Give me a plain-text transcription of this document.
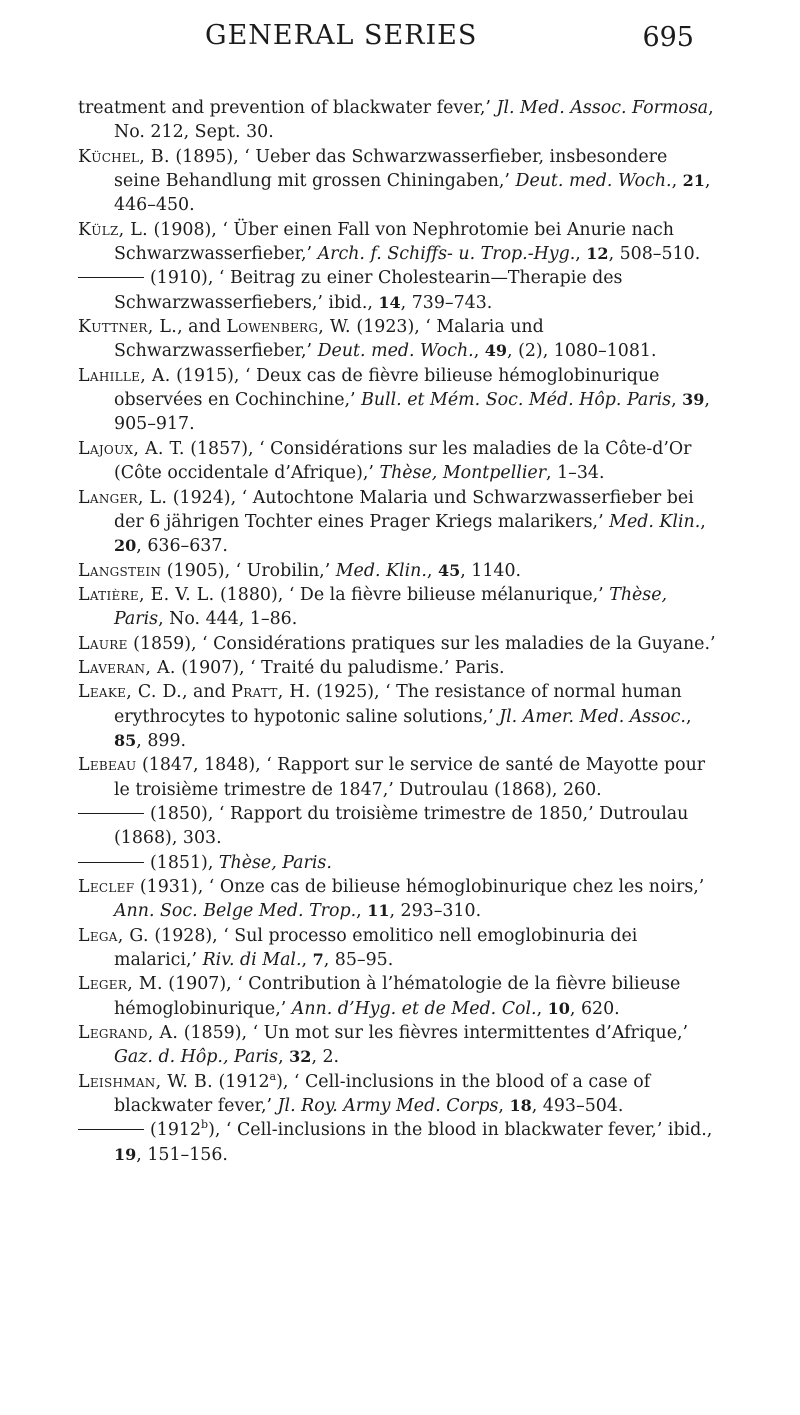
GENERAL SERIES	695

treatment and prevention of blackwater fever,’ Jl. Med. Assoc. Formosa, No. 212, Sept. 30.

Küchel, B. (1895), ‘ Ueber das Schwarzwasserfieber, insbesondere seine Behandlung mit grossen Chiningaben,’ Deut. med. Woch., 21, 446–450.

Külz, L. (1908), ‘ Über einen Fall von Nephrotomie bei Anurie nach Schwarzwasserfieber,’ Arch. f. Schiffs- u. Trop.-Hyg., 12, 508–510.

(1910), ‘ Beitrag zu einer Cholestearin—Therapie des Schwarzwasserfiebers,’ ibid., 14, 739–743.

Kuttner, L., and Lowenberg, W. (1923), ‘ Malaria und Schwarzwasserfieber,’ Deut. med. Woch., 49, (2), 1080–1081.

Lahille, A. (1915), ‘ Deux cas de fièvre bilieuse hémoglobinurique observées en Cochinchine,’ Bull. et Mém. Soc. Méd. Hôp. Paris, 39, 905–917.

Lajoux, A. T. (1857), ‘ Considérations sur les maladies de la Côte-d’Or (Côte occidentale d’Afrique),’ Thèse, Montpellier, 1–34.

Langer, L. (1924), ‘ Autochtone Malaria und Schwarzwasserfieber bei der 6 jährigen Tochter eines Prager Kriegs malarikers,’ Med. Klin., 20, 636–637.

Langstein (1905), ‘ Urobilin,’ Med. Klin., 45, 1140.

Latière, E. V. L. (1880), ‘ De la fièvre bilieuse mélanurique,’ Thèse, Paris, No. 444, 1–86.

Laure (1859), ‘ Considérations pratiques sur les maladies de la Guyane.’

Laveran, A. (1907), ‘ Traité du paludisme.’ Paris.

Leake, C. D., and Pratt, H. (1925), ‘ The resistance of normal human erythrocytes to hypotonic saline solutions,’ Jl. Amer. Med. Assoc., 85, 899.

Lebeau (1847, 1848), ‘ Rapport sur le service de santé de Mayotte pour le troisième trimestre de 1847,’ Dutroulau (1868), 260.

(1850), ‘ Rapport du troisième trimestre de 1850,’ Dutroulau (1868), 303.

(1851), Thèse, Paris.

Leclef (1931), ‘ Onze cas de bilieuse hémoglobinurique chez les noirs,’ Ann. Soc. Belge Med. Trop., 11, 293–310.

Lega, G. (1928), ‘ Sul processo emolitico nell emoglobinuria dei malarici,’ Riv. di Mal., 7, 85–95.

Leger, M. (1907), ‘ Contribution à l’hématologie de la fièvre bilieuse hémoglobinurique,’ Ann. d’Hyg. et de Med. Col., 10, 620.

Legrand, A. (1859), ‘ Un mot sur les fièvres intermittentes d’Afrique,’ Gaz. d. Hôp., Paris, 32, 2.

Leishman, W. B. (1912$^a$), ‘ Cell-inclusions in the blood of a case of blackwater fever,’ Jl. Roy. Army Med. Corps, 18, 493–504.

(1912$^b$), ‘ Cell-inclusions in the blood in blackwater fever,’ ibid., 19, 151–156.
